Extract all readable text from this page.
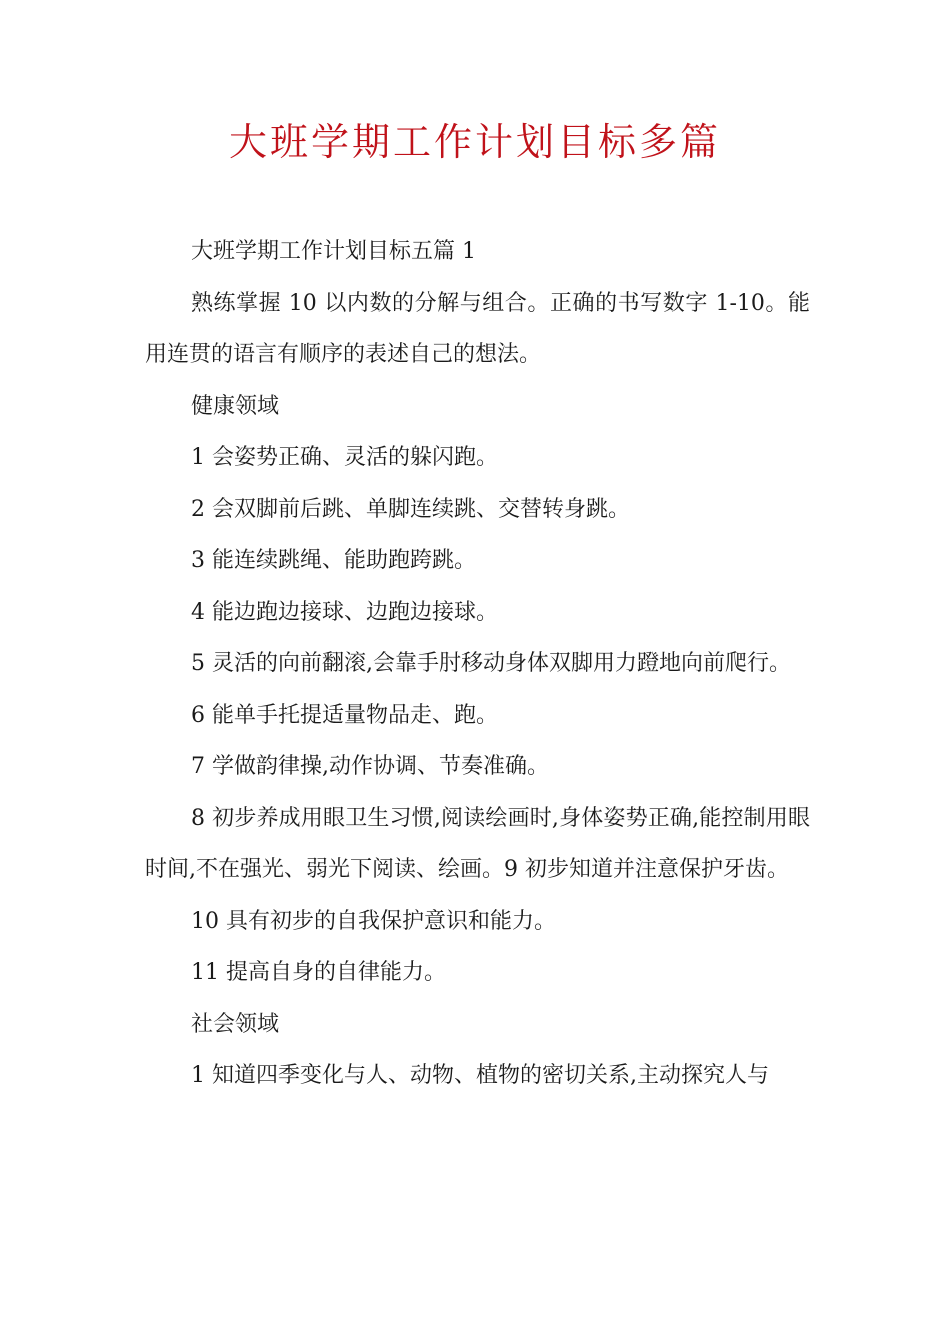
大班学期工作计划目标多篇

大班学期工作计划目标五篇 1

熟练掌握 10 以内数的分解与组合。正确的书写数字 1-10。能用连贯的语言有顺序的表述自己的想法。

健康领域

1 会姿势正确、灵活的躲闪跑。

2 会双脚前后跳、单脚连续跳、交替转身跳。

3 能连续跳绳、能助跑跨跳。

4 能边跑边接球、边跑边接球。

5 灵活的向前翻滚,会靠手肘移动身体双脚用力蹬地向前爬行。

6 能单手托提适量物品走、跑。

7 学做韵律操,动作协调、节奏准确。

8 初步养成用眼卫生习惯,阅读绘画时,身体姿势正确,能控制用眼时间,不在强光、弱光下阅读、绘画。9 初步知道并注意保护牙齿。

10 具有初步的自我保护意识和能力。

11 提高自身的自律能力。

社会领域

1 知道四季变化与人、动物、植物的密切关系,主动探究人与
